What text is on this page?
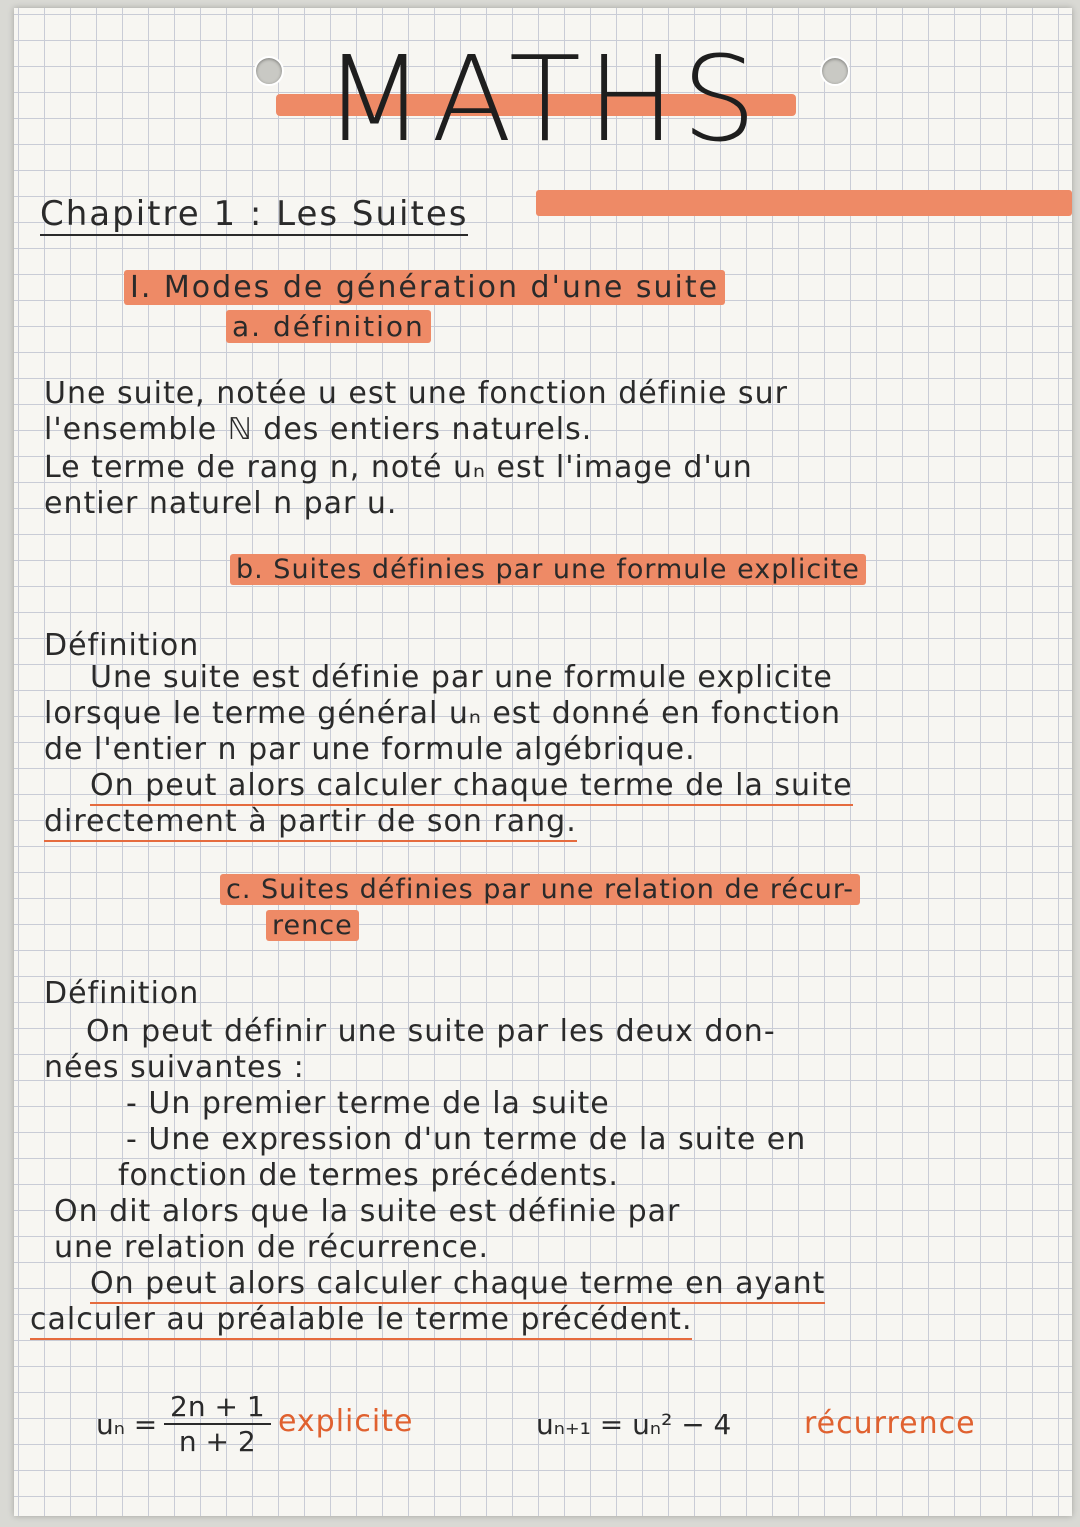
MATHS
Chapitre 1 : Les Suites
I. Modes de génération d'une suite
a. définition
Une suite, notée u est une fonction définie sur
l'ensemble ℕ des entiers naturels.
Le terme de rang n, noté uₙ est l'image d'un
entier naturel n par u.
b. Suites définies par une formule explicite
Définition
Une suite est définie par une formule explicite
lorsque le terme général uₙ est donné en fonction
de l'entier n par une formule algébrique.
On peut alors calculer chaque terme de la suite
directement à partir de son rang.
c. Suites définies par une relation de récur-
rence
Définition
On peut définir une suite par les deux don-
nées suivantes :
- Un premier terme de la suite
- Une expression d'un terme de la suite en
fonction de termes précédents.
On dit alors que la suite est définie par
une relation de récurrence.
On peut alors calculer chaque terme en ayant
calculer au préalable le terme précédent.
$u_n = \frac{2n + 1}{n + 2}$ explicite	uₙ₊₁ = uₙ² − 4 récurrence
